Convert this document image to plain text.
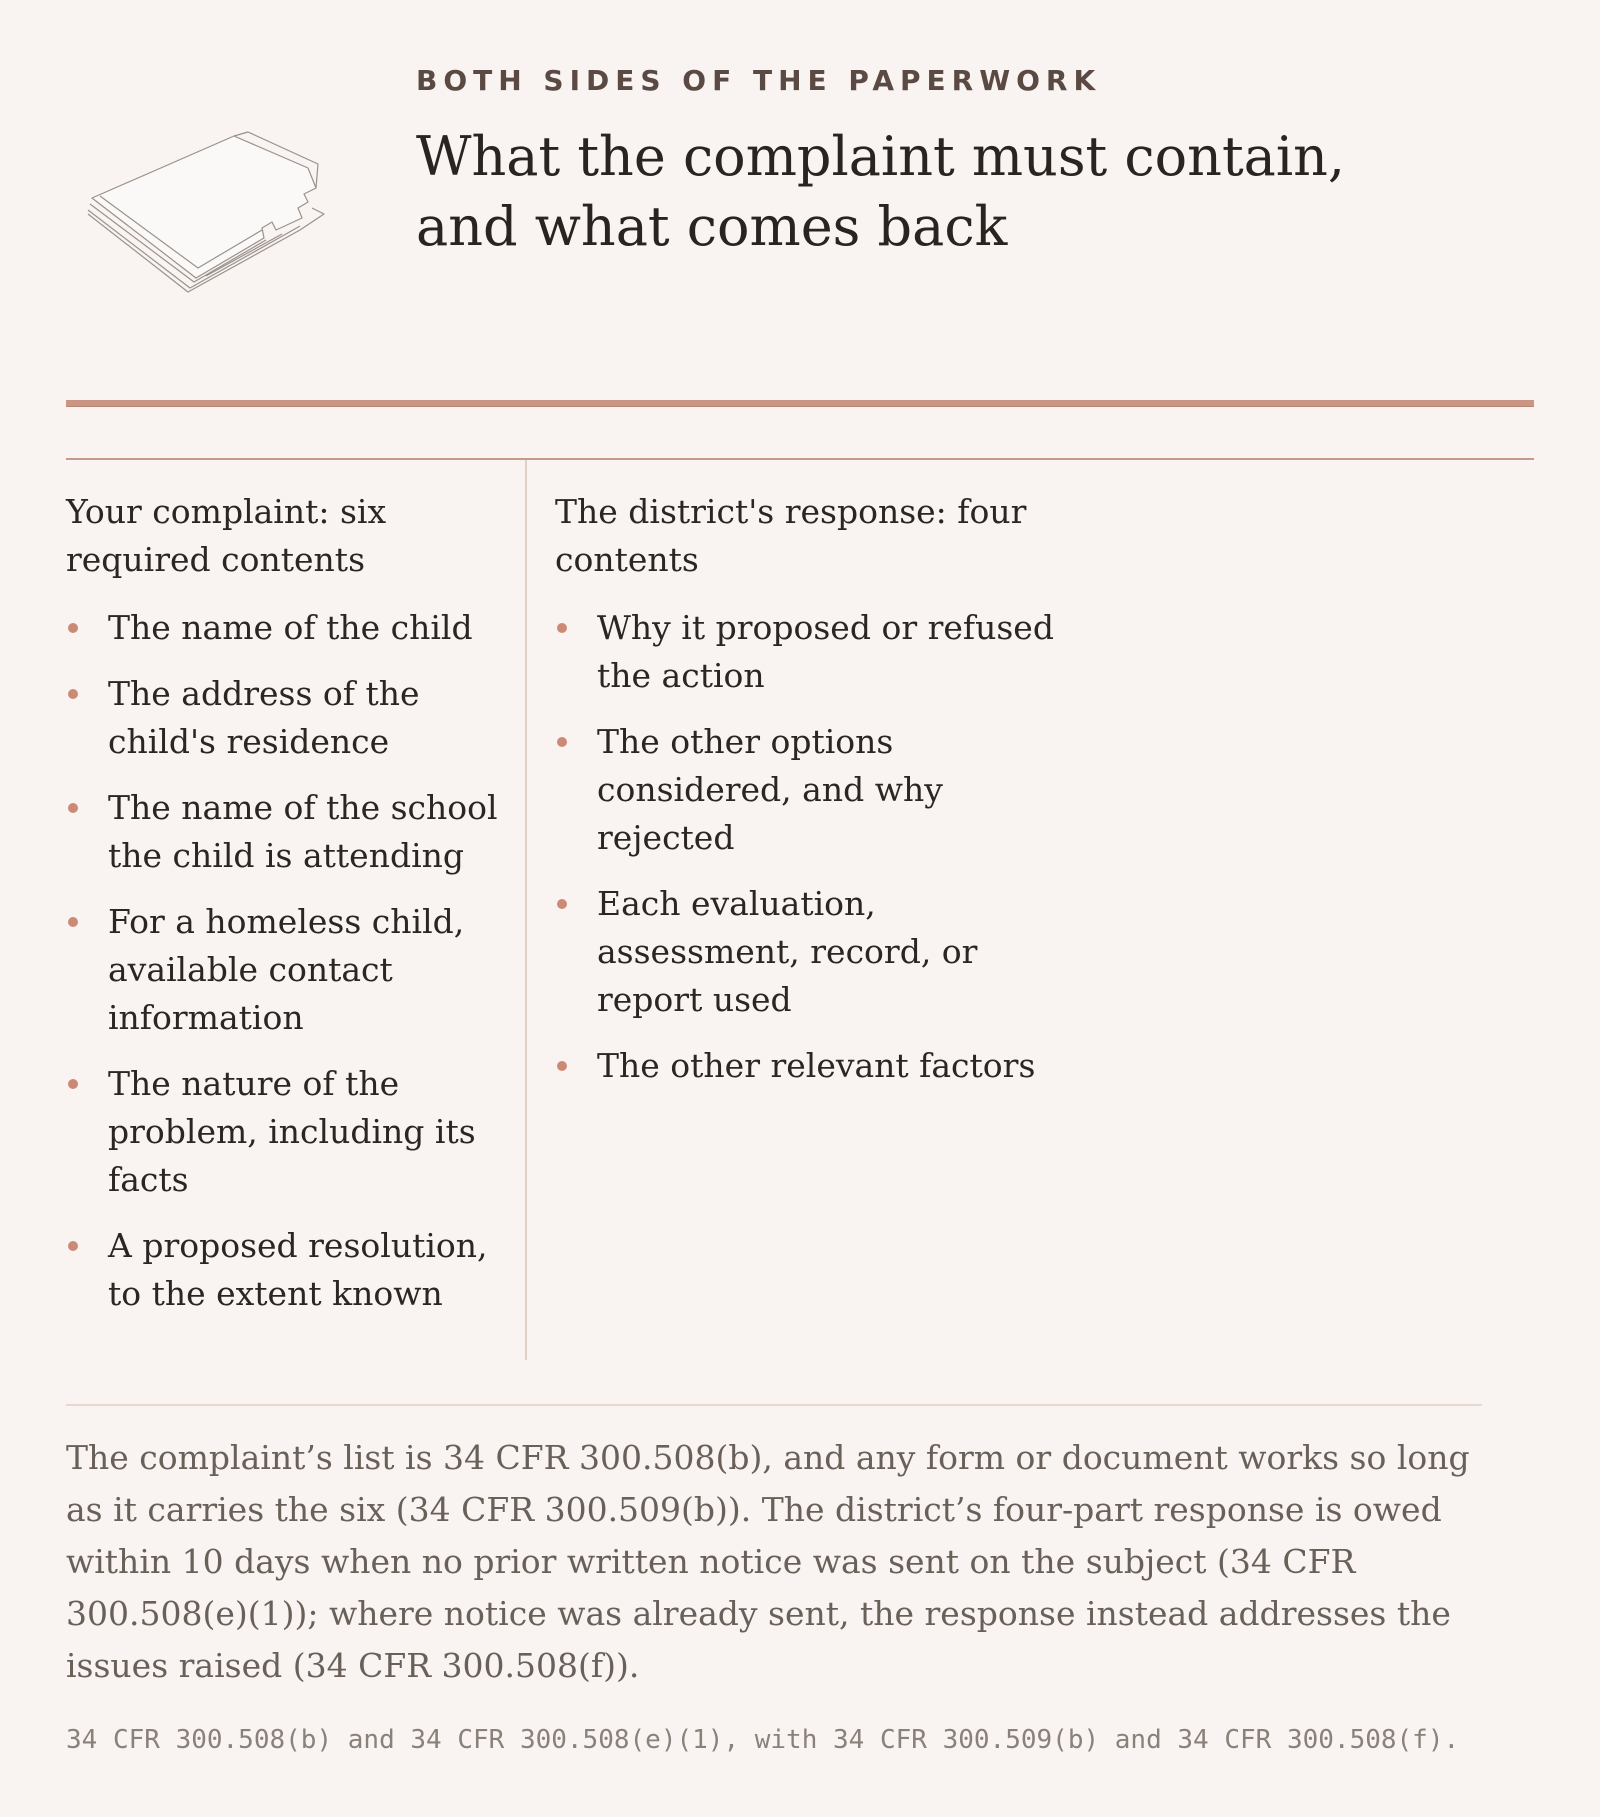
BOTH SIDES OF THE PAPERWORK
What the complaint must contain, and what comes back
Your complaint: six required contents
The name of the child
The address of the child's residence
The name of the school the child is attending
For a homeless child, available contact information
The nature of the problem, including its facts
A proposed resolution, to the extent known
The district's response: four contents
Why it proposed or refused the action
The other options considered, and why rejected
Each evaluation, assessment, record, or report used
The other relevant factors

The complaint’s list is 34 CFR 300.508(b), and any form or document works so long as it carries the six (34 CFR 300.509(b)). The district’s four-part response is owed within 10 days when no prior written notice was sent on the subject (34 CFR 300.508(e)(1)); where notice was already sent, the response instead addresses the issues raised (34 CFR 300.508(f)).

34 CFR 300.508(b) and 34 CFR 300.508(e)(1), with 34 CFR 300.509(b) and 34 CFR 300.508(f).
